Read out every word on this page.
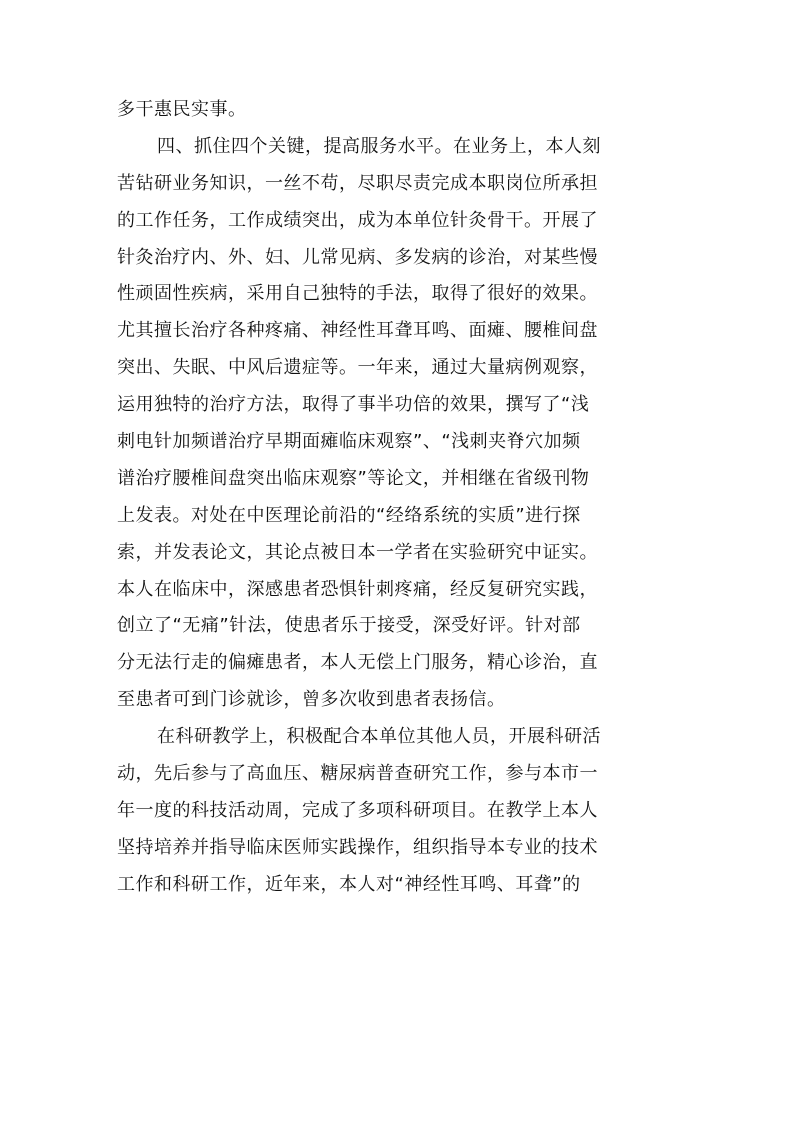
多干惠民实事。
四、抓住四个关键，提高服务水平。在业务上，本人刻
苦钻研业务知识，一丝不苟，尽职尽责完成本职岗位所承担
的工作任务，工作成绩突出，成为本单位针灸骨干。开展了
针灸治疗内、外、妇、儿常见病、多发病的诊治，对某些慢
性顽固性疾病，采用自己独特的手法，取得了很好的效果。
尤其擅长治疗各种疼痛、神经性耳聋耳鸣、面瘫、腰椎间盘
突出、失眠、中风后遗症等。一年来，通过大量病例观察，
运用独特的治疗方法，取得了事半功倍的效果，撰写了“浅
刺电针加频谱治疗早期面瘫临床观察”、“浅刺夹脊穴加频
谱治疗腰椎间盘突出临床观察”等论文，并相继在省级刊物
上发表。对处在中医理论前沿的“经络系统的实质”进行探
索，并发表论文，其论点被日本一学者在实验研究中证实。
本人在临床中，深感患者恐惧针刺疼痛，经反复研究实践，
创立了“无痛”针法，使患者乐于接受，深受好评。针对部
分无法行走的偏瘫患者，本人无偿上门服务，精心诊治，直
至患者可到门诊就诊，曾多次收到患者表扬信。
在科研教学上，积极配合本单位其他人员，开展科研活
动，先后参与了高血压、糖尿病普查研究工作，参与本市一
年一度的科技活动周，完成了多项科研项目。在教学上本人
坚持培养并指导临床医师实践操作，组织指导本专业的技术
工作和科研工作，近年来，本人对“神经性耳鸣、耳聋”的
